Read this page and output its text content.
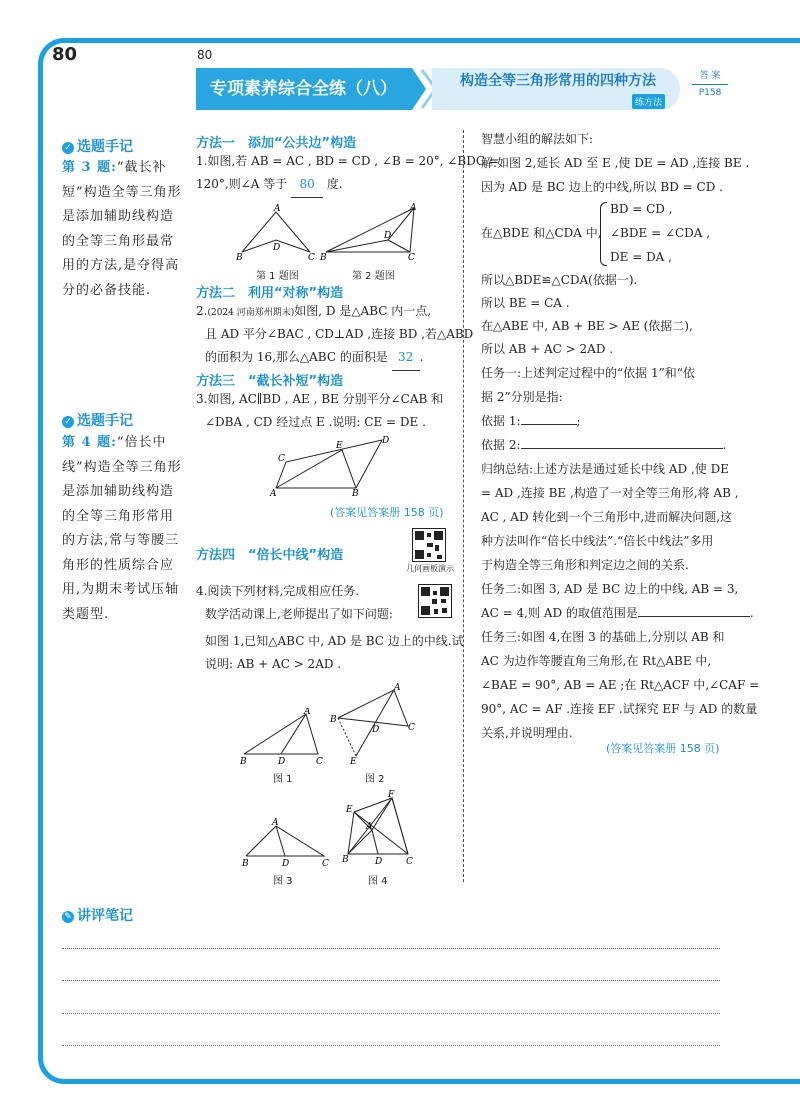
80	80
专项素养综合全练（八）	构造全等三角形常用的四种方法
练方法
答 案
P158
✓ 选题手记
第 3 题:“截长补短”构造全等三角形是添加辅助线构造的全等三角形最常用的方法,是夺得高分的必备技能.
✓ 选题手记
第 4 题:“倍长中线”构造全等三角形是添加辅助线构造的全等三角形常用的方法,常与等腰三角形的性质综合应用,为期末考试压轴类题型.
方法一　添加“公共边”构造
1.如图,若 AB = AC , BD = CD , ∠B = 20°, ∠BDC =
120°,则∠A 等于 80 度.
A
B
D
C
A
B
D
C
第 1 题图	第 2 题图
方法二　利用“对称”构造
2.(2024 河南郑州期末)如图, D 是△ABC 内一点,
且 AD 平分∠BAC , CD⊥AD ,连接 BD ,若△ABD
的面积为 16,那么△ABC 的面积是 32 .
方法三　“截长补短”构造
3.如图, AC∥BD , AE , BE 分别平分∠CAB 和
∠DBA , CD 经过点 E .说明: CE = DE .
A	B
C
E	D
(答案见答案册 158 页)
方法四　“倍长中线”构造
几何画板演示
4.阅读下列材料,完成相应任务.
数学活动课上,老师提出了如下问题:
如图 1,已知△ABC 中, AD 是 BC 边上的中线.试
说明: AB + AC > 2AD .
A
B	D	C
A
B
D	C
E
图 1	图 2
A
B	D	C
E
F
A
B	D	C
图 3	图 4
智慧小组的解法如下:
解:如图 2,延长 AD 至 E ,使 DE = AD ,连接 BE .
因为 AD 是 BC 边上的中线,所以 BD = CD .
在△BDE 和△CDA 中,
BD = CD ,
∠BDE = ∠CDA ,
DE = DA ,
所以△BDE≌△CDA(依据一).
所以 BE = CA .
在△ABE 中, AB + BE > AE (依据二),
所以 AB + AC > 2AD .
任务一:上述判定过程中的“依据 1”和“依
据 2”分别是指:
依据 1:	;
依据 2:	.
归纳总结:上述方法是通过延长中线 AD ,使 DE
= AD ,连接 BE ,构造了一对全等三角形,将 AB ,
AC , AD 转化到一个三角形中,进而解决问题,这
种方法叫作“倍长中线法”.“倍长中线法”多用
于构造全等三角形和判定边之间的关系.
任务二:如图 3, AD 是 BC 边上的中线, AB = 3,
AC = 4,则 AD 的取值范围是	.
任务三:如图 4,在图 3 的基础上,分别以 AB 和
AC 为边作等腰直角三角形,在 Rt△ABE 中,
∠BAE = 90°, AB = AE ;在 Rt△ACF 中,∠CAF =
90°, AC = AF .连接 EF .试探究 EF 与 AD 的数量
关系,并说明理由.
(答案见答案册 158 页)
✎ 讲评笔记
